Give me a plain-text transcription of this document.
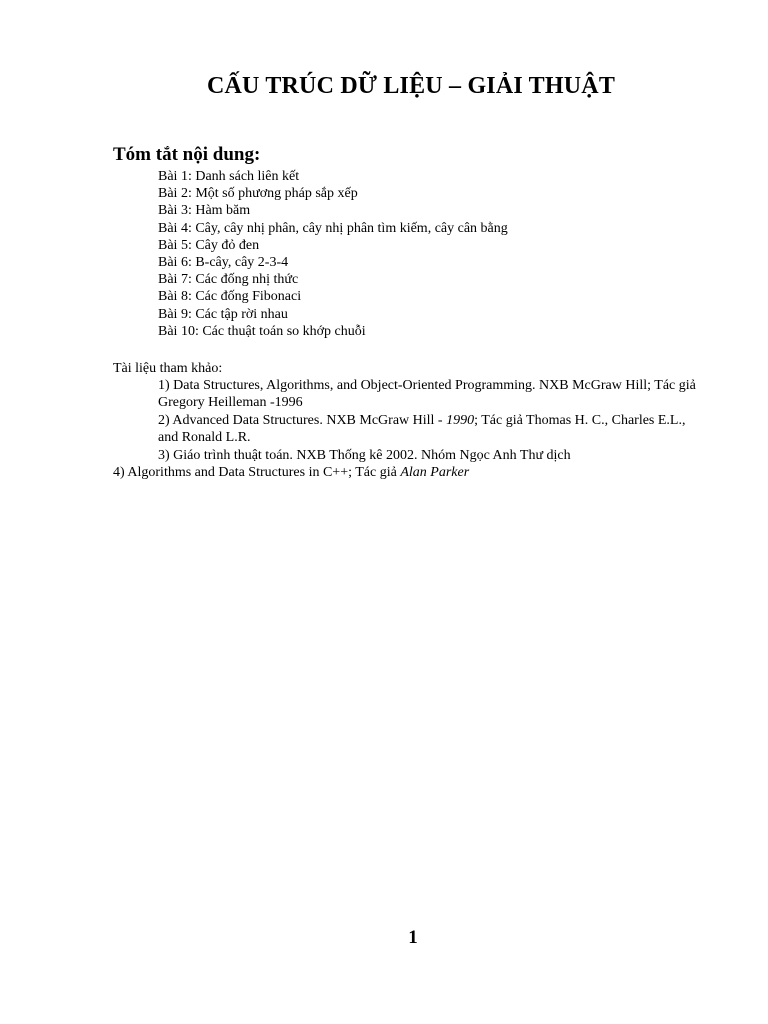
CẤU TRÚC DỮ LIỆU – GIẢI THUẬT
Tóm tắt nội dung:
Bài 1: Danh sách liên kết
Bài 2: Một số phương pháp sắp xếp
Bài 3: Hàm băm
Bài 4: Cây, cây nhị phân, cây nhị phân tìm kiếm, cây cân bằng
Bài 5: Cây đỏ đen
Bài 6: B-cây, cây 2-3-4
Bài 7: Các đống nhị thức
Bài 8: Các đống Fibonaci
Bài 9: Các tập rời nhau
Bài 10: Các thuật toán so khớp chuỗi

Tài liệu tham khảo:

1) Data Structures, Algorithms, and Object-Oriented Programming. NXB McGraw Hill; Tác giả Gregory Heilleman -1996

2) Advanced Data Structures. NXB McGraw Hill - 1990; Tác giả Thomas H. C., Charles E.L., and Ronald L.R.

3) Giáo trình thuật toán. NXB Thống kê 2002. Nhóm Ngọc Anh Thư dịch

4) Algorithms and Data Structures in C++; Tác giả Alan Parker

1
